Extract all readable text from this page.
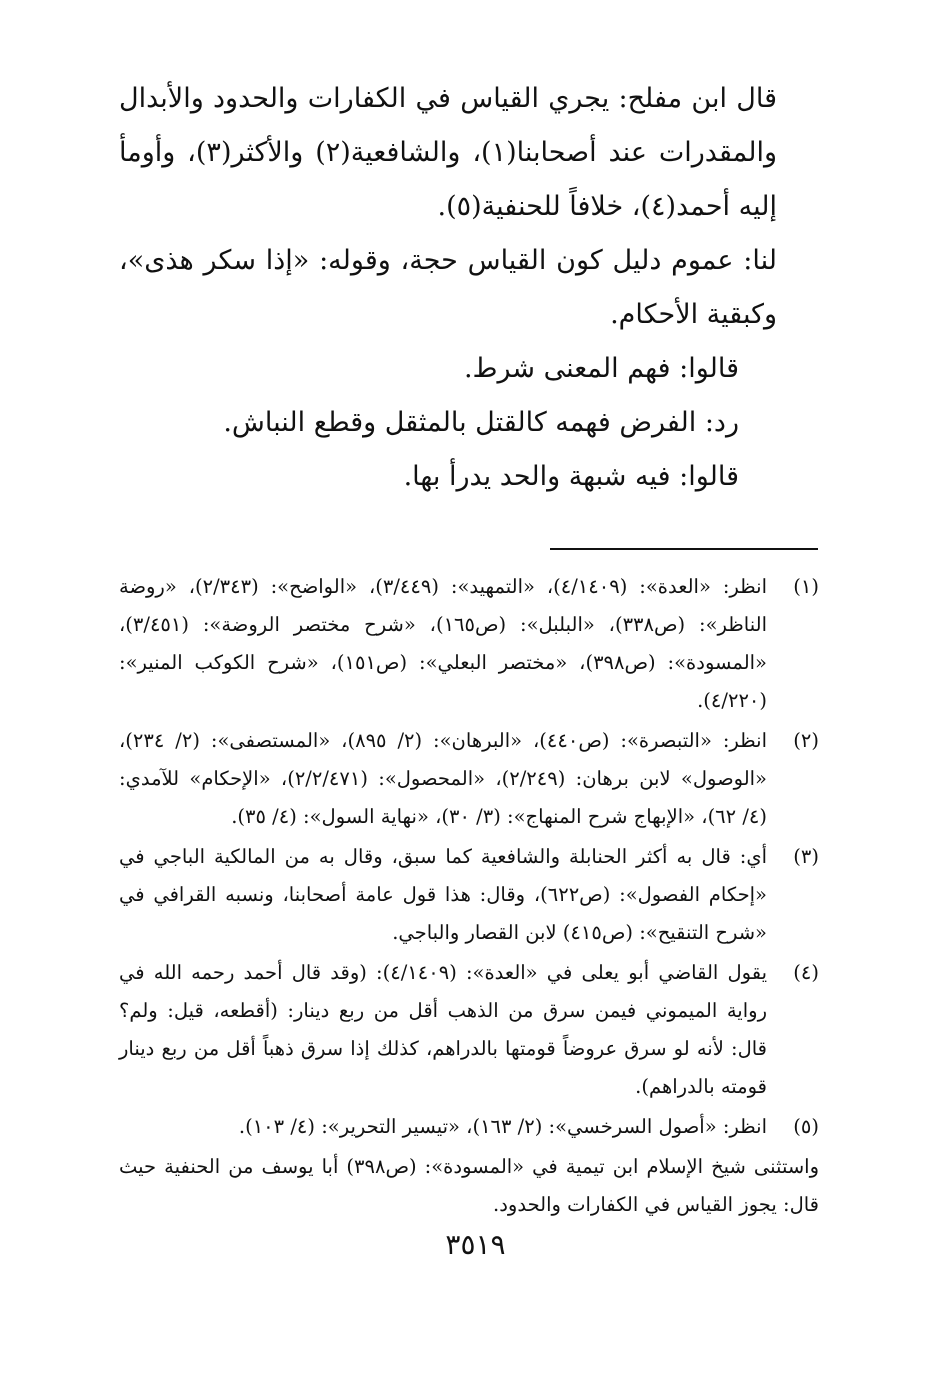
قال ابن مفلح: يجري القياس في الكفارات والحدود والأبدال والمقدرات عند أصحابنا(١)، والشافعية(٢) والأكثر(٣)، وأومأ إليه أحمد(٤)، خلافاً للحنفية(٥).

لنا: عموم دليل كون القياس حجة، وقوله: «إذا سكر هذى»، وكبقية الأحكام.

قالوا: فهم المعنى شرط.

رد: الفرض فهمه كالقتل بالمثقل وقطع النباش.

قالوا: فيه شبهة والحد يدرأ بها.

(١)
انظر: «العدة»: (٤/١٤٠٩)، «التمهيد»: (٣/٤٤٩)، «الواضح»: (٢/٣٤٣)، «روضة الناظر»: (ص٣٣٨)، «البلبل»: (ص١٦٥)، «شرح مختصر الروضة»: (٣/٤٥١)، «المسودة»: (ص٣٩٨)، «مختصر البعلي»: (ص١٥١)، «شرح الكوكب المنير»: (٤/٢٢٠).
(٢)
انظر: «التبصرة»: (ص٤٤٠)، «البرهان»: (٢/ ٨٩٥)، «المستصفى»: (٢/ ٢٣٤)، «الوصول» لابن برهان: (٢/٢٤٩)، «المحصول»: (٢/٢/٤٧١)، «الإحكام» للآمدي: (٤/ ٦٢)، «الإبهاج شرح المنهاج»: (٣/ ٣٠)، «نهاية السول»: (٤/ ٣٥).
(٣)
أي: قال به أكثر الحنابلة والشافعية كما سبق، وقال به من المالكية الباجي في «إحكام الفصول»: (ص٦٢٢)، وقال: هذا قول عامة أصحابنا، ونسبه القرافي في «شرح التنقيح»: (ص٤١٥) لابن القصار والباجي.
(٤)
يقول القاضي أبو يعلى في «العدة»: (٤/١٤٠٩): (وقد قال أحمد رحمه الله في رواية الميموني فيمن سرق من الذهب أقل من ربع دينار: (أقطعه، قيل: ولم؟ قال: لأنه لو سرق عروضاً قومتها بالدراهم، كذلك إذا سرق ذهباً أقل من ربع دينار قومته بالدراهم).
(٥)
انظر: «أصول السرخسي»: (٢/ ١٦٣)، «تيسير التحرير»: (٤/ ١٠٣).
واستثنى شيخ الإسلام ابن تيمية في «المسودة»: (ص٣٩٨) أبا يوسف من الحنفية حيث قال: يجوز القياس في الكفارات والحدود.
٣٥١٩
